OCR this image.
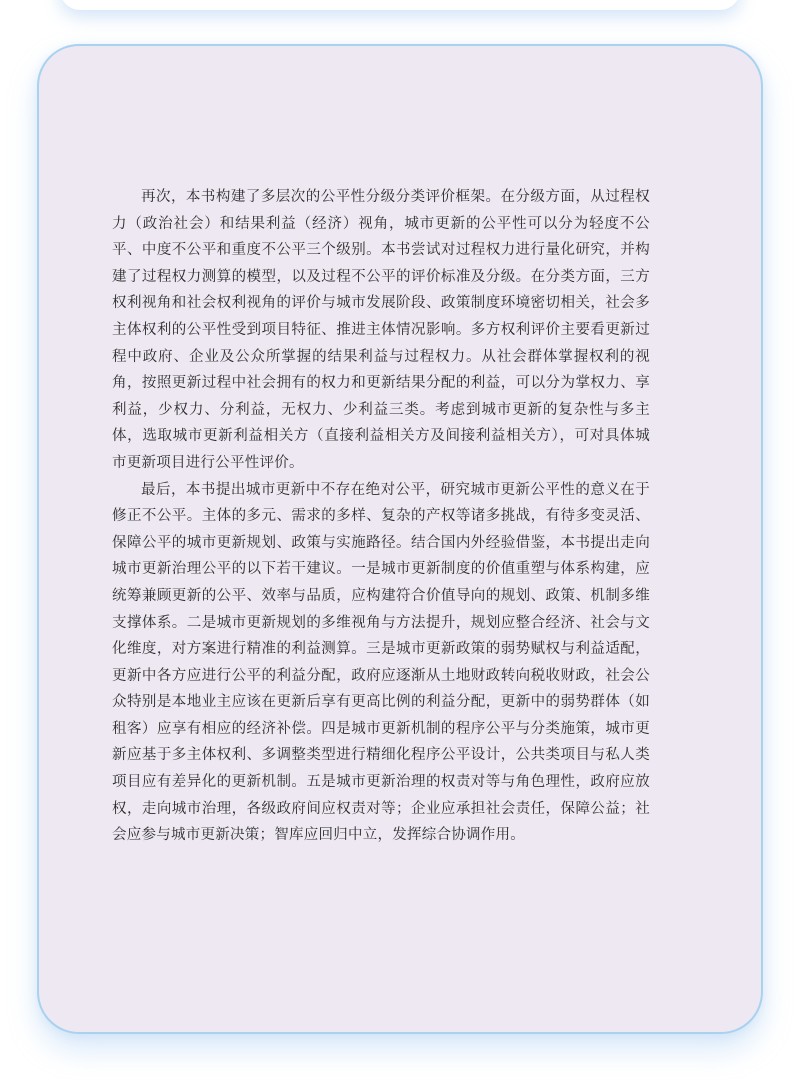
再次，本书构建了多层次的公平性分级分类评价框架。在分级方面，从过程权力（政治社会）和结果利益（经济）视角，城市更新的公平性可以分为轻度不公平、中度不公平和重度不公平三个级别。本书尝试对过程权力进行量化研究，并构建了过程权力测算的模型，以及过程不公平的评价标准及分级。在分类方面，三方权利视角和社会权利视角的评价与城市发展阶段、政策制度环境密切相关，社会多主体权利的公平性受到项目特征、推进主体情况影响。多方权利评价主要看更新过程中政府、企业及公众所掌握的结果利益与过程权力。从社会群体掌握权利的视角，按照更新过程中社会拥有的权力和更新结果分配的利益，可以分为掌权力、享利益，少权力、分利益，无权力、少利益三类。考虑到城市更新的复杂性与多主体，选取城市更新利益相关方（直接利益相关方及间接利益相关方），可对具体城市更新项目进行公平性评价。

最后，本书提出城市更新中不存在绝对公平，研究城市更新公平性的意义在于修正不公平。主体的多元、需求的多样、复杂的产权等诸多挑战，有待多变灵活、保障公平的城市更新规划、政策与实施路径。结合国内外经验借鉴，本书提出走向城市更新治理公平的以下若干建议。一是城市更新制度的价值重塑与体系构建，应统筹兼顾更新的公平、效率与品质，应构建符合价值导向的规划、政策、机制多维支撑体系。二是城市更新规划的多维视角与方法提升，规划应整合经济、社会与文化维度，对方案进行精准的利益测算。三是城市更新政策的弱势赋权与利益适配，更新中各方应进行公平的利益分配，政府应逐渐从土地财政转向税收财政，社会公众特别是本地业主应该在更新后享有更高比例的利益分配，更新中的弱势群体（如租客）应享有相应的经济补偿。四是城市更新机制的程序公平与分类施策，城市更新应基于多主体权利、多调整类型进行精细化程序公平设计，公共类项目与私人类项目应有差异化的更新机制。五是城市更新治理的权责对等与角色理性，政府应放权，走向城市治理，各级政府间应权责对等；企业应承担社会责任，保障公益；社会应参与城市更新决策；智库应回归中立，发挥综合协调作用。
